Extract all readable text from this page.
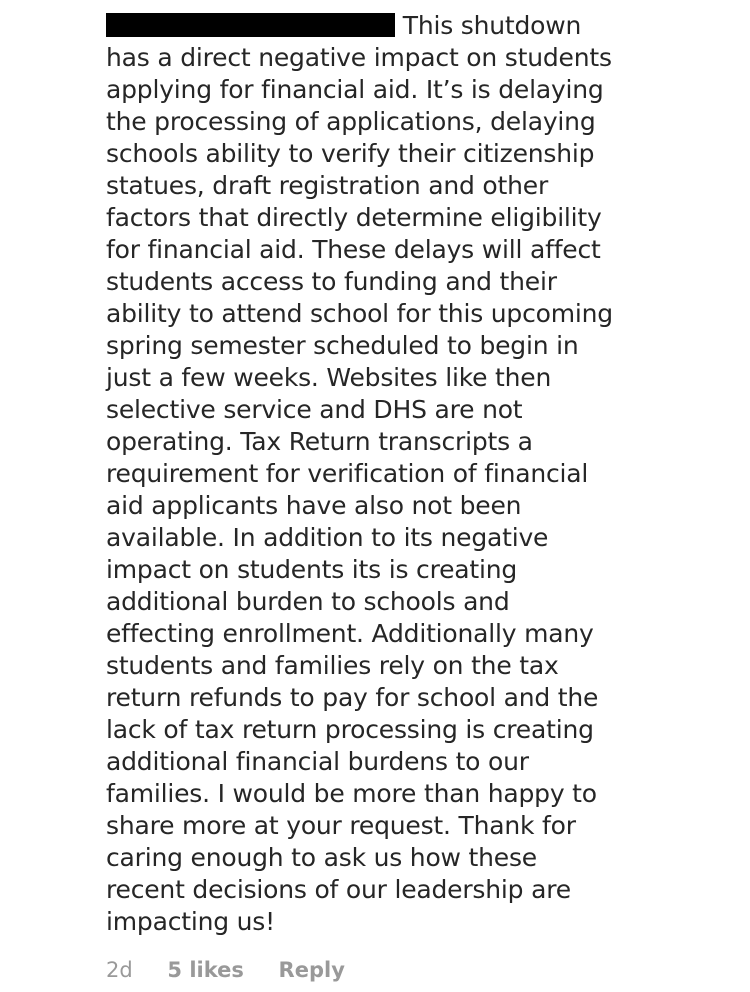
This shutdown
has a direct negative impact on students
applying for financial aid. It’s is delaying
the processing of applications, delaying
schools ability to verify their citizenship
statues, draft registration and other
factors that directly determine eligibility
for financial aid. These delays will affect
students access to funding and their
ability to attend school for this upcoming
spring semester scheduled to begin in
just a few weeks. Websites like then
selective service and DHS are not
operating. Tax Return transcripts a
requirement for verification of financial
aid applicants have also not been
available. In addition to its negative
impact on students its is creating
additional burden to schools and
effecting enrollment. Additionally many
students and families rely on the tax
return refunds to pay for school and the
lack of tax return processing is creating
additional financial burdens to our
families. I would be more than happy to
share more at your request. Thank for
caring enough to ask us how these
recent decisions of our leadership are
impacting us!
2d 5 likes Reply
